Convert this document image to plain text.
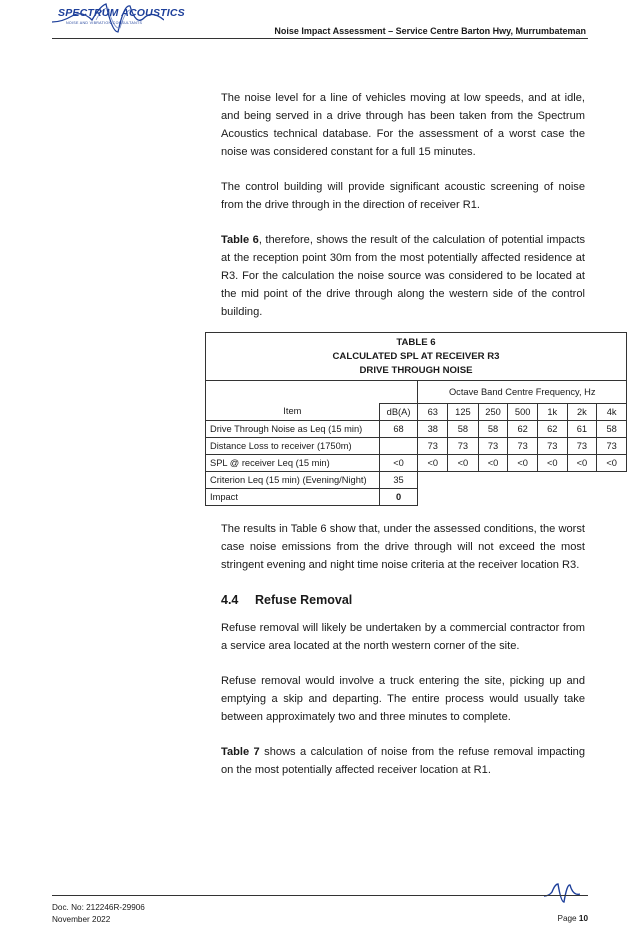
SPECTRUM ACOUSTICS
NOISE AND VIBRATION CONSULTANTS
Noise Impact Assessment – Service Centre Barton Hwy, Murrumbateman

The noise level for a line of vehicles moving at low speeds, and at idle, and being served in a drive through has been taken from the Spectrum Acoustics technical database. For the assessment of a worst case the noise was considered constant for a full 15 minutes.

The control building will provide significant acoustic screening of noise from the drive through in the direction of receiver R1.

Table 6, therefore, shows the result of the calculation of potential impacts at the reception point 30m from the most potentially affected residence at R3. For the calculation the noise source was considered to be located at the mid point of the drive through along the western side of the control building.

TABLE 6
CALCULATED SPL AT RECEIVER R3
DRIVE THROUGH NOISE								

		Octave Band Centre Frequency, Hz						
Item	dB(A)	63	125	250	500	1k	2k	4k
Drive Through Noise as Leq (15 min)	68	38	58	58	62	62	61	58
Distance Loss to receiver (1750m)		73	73	73	73	73	73	73
SPL @ receiver Leq (15 min)	<0	<0	<0	<0	<0	<0	<0	<0
Criterion Leq (15 min) (Evening/Night)	35							
Impact	0							

The results in Table 6 show that, under the assessed conditions, the worst case noise emissions from the drive through will not exceed the most stringent evening and night time noise criteria at the receiver location R3.

4.4 Refuse Removal

Refuse removal will likely be undertaken by a commercial contractor from a service area located at the north western corner of the site.

Refuse removal would involve a truck entering the site, picking up and emptying a skip and departing. The entire process would usually take between approximately two and three minutes to complete.

Table 7 shows a calculation of noise from the refuse removal impacting on the most potentially affected receiver location at R1.

Doc. No: 212246R-29906
November 2022	Page 10
